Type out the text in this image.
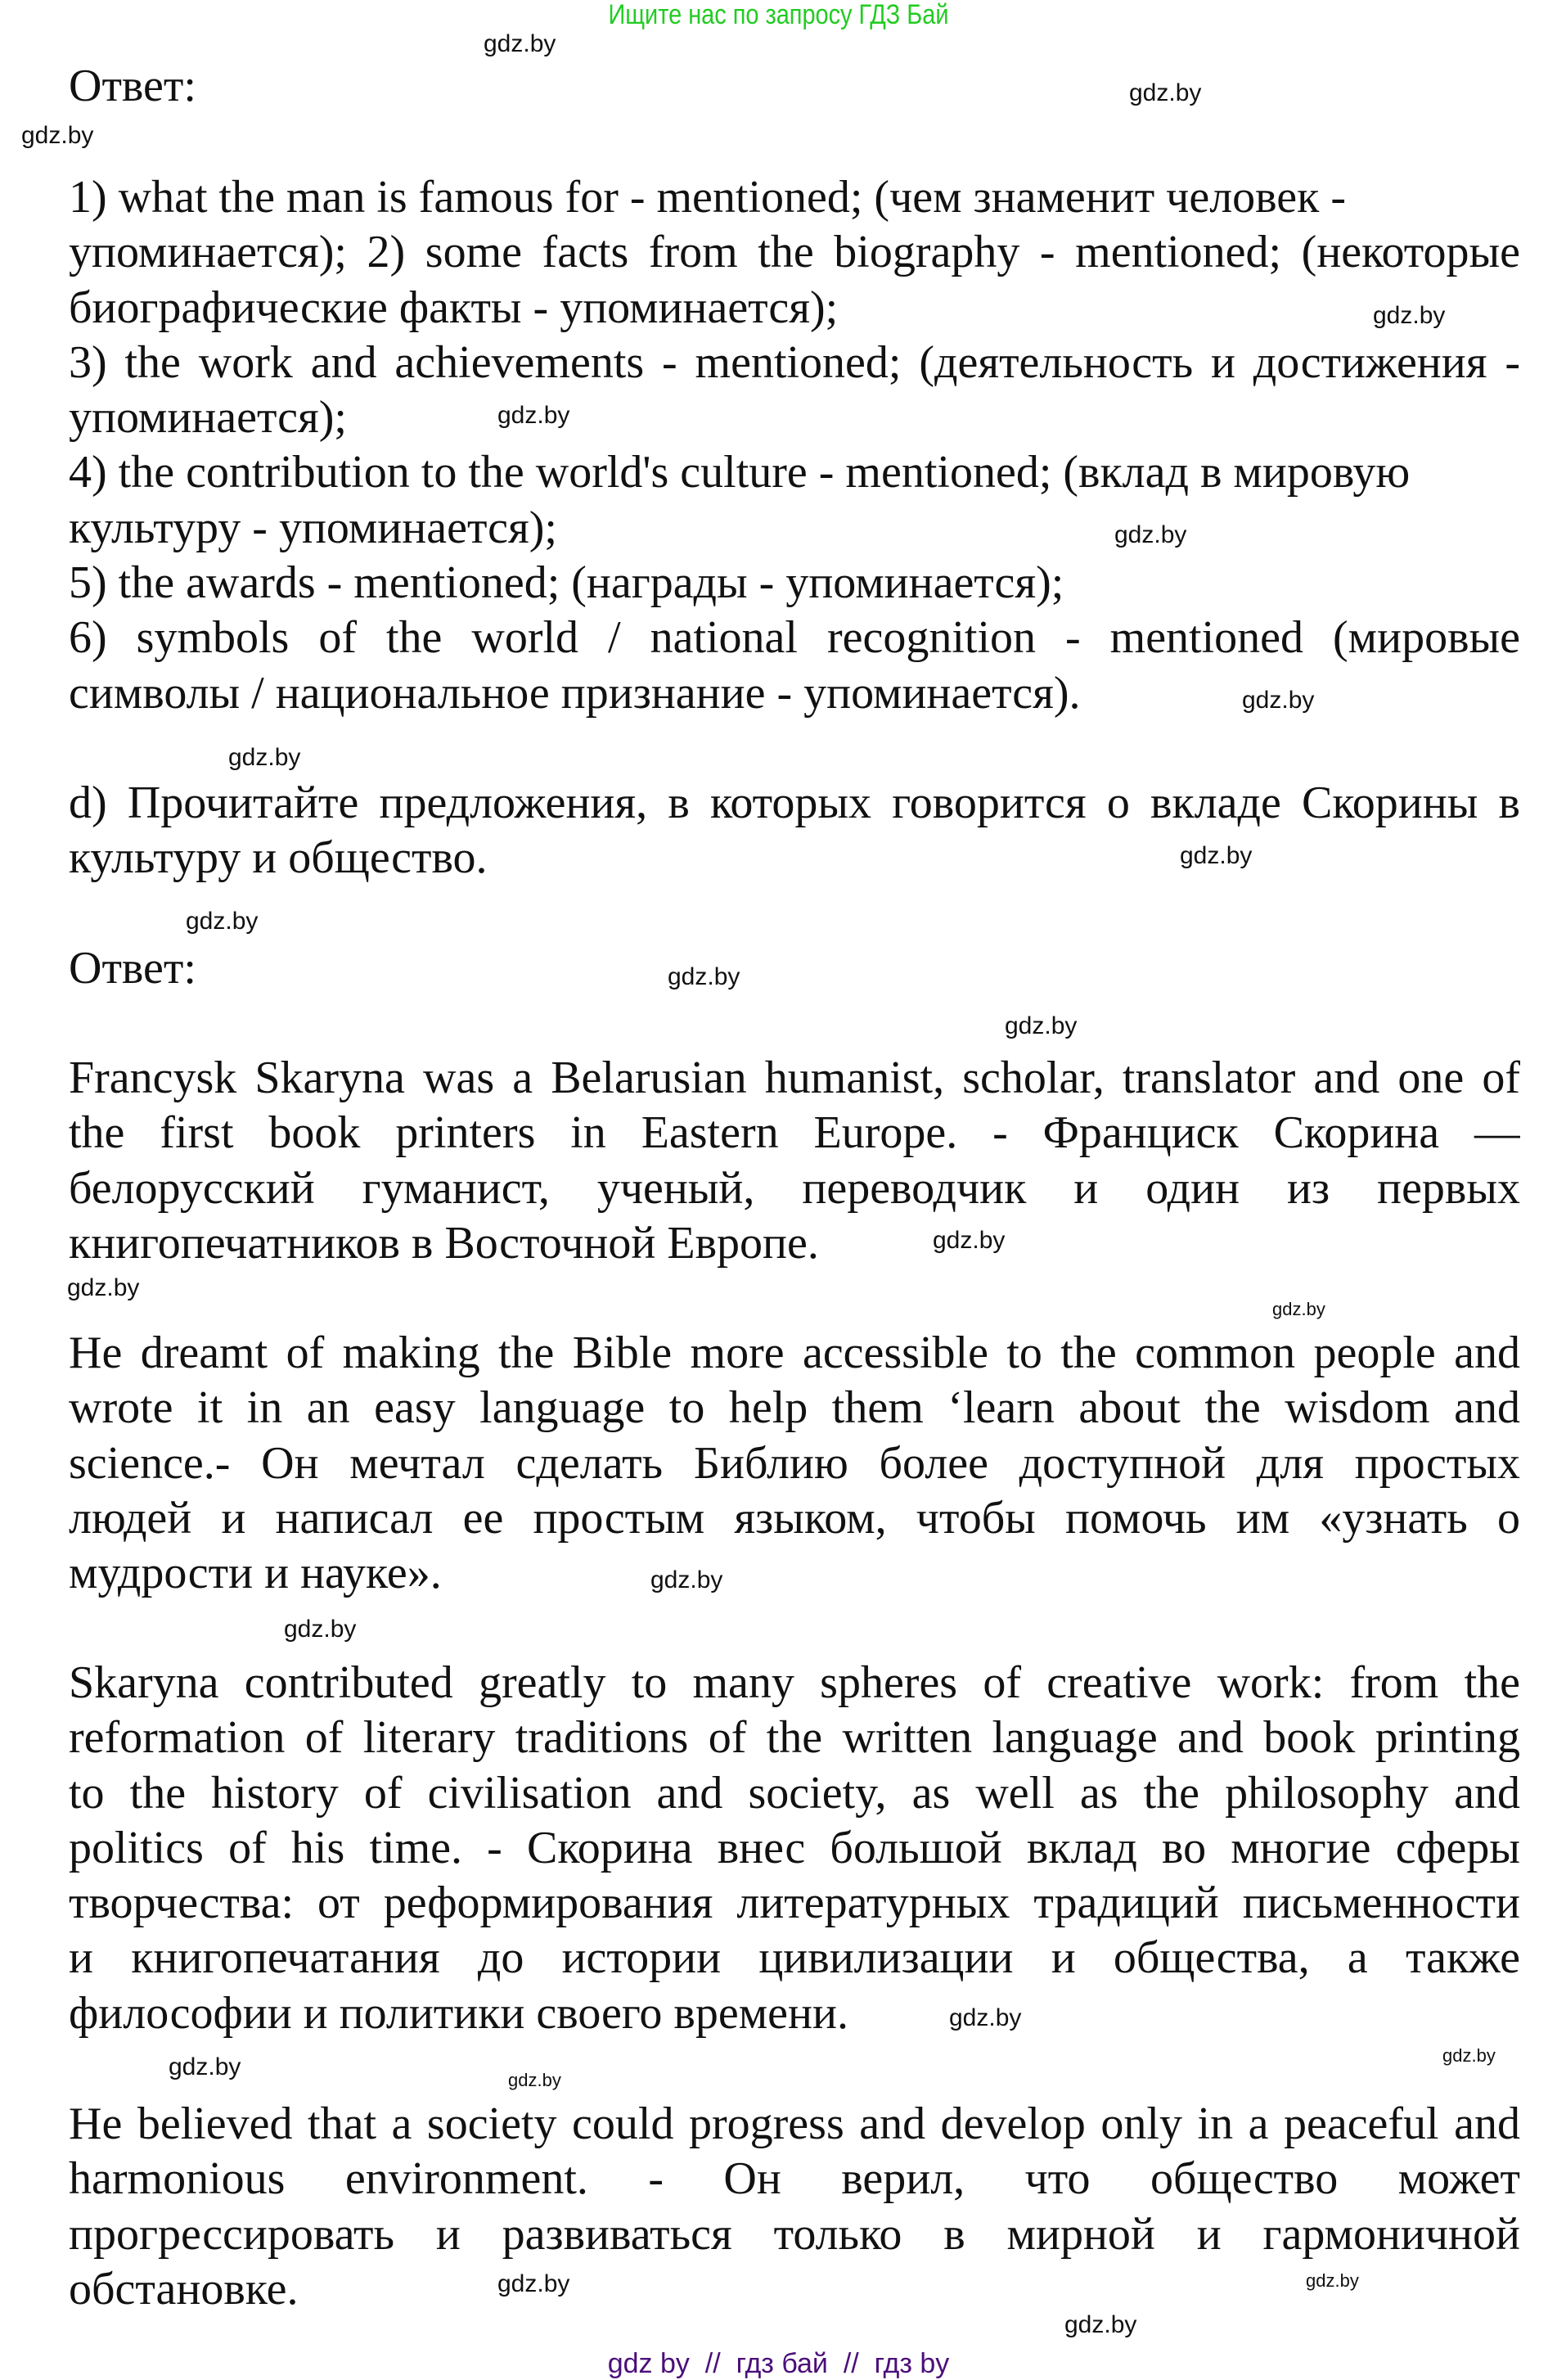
Ищите нас по запросу ГДЗ Бай
Ответ:
1) what the man is famous for - mentioned; (чем знаменит человек -
упоминается); 2) some facts from the biography - mentioned; (некоторые
биографические факты - упоминается);
3) the work and achievements - mentioned; (деятельность и достижения -
упоминается);
4) the contribution to the world's culture - mentioned; (вклад в мировую
культуру - упоминается);
5) the awards - mentioned; (награды - упоминается);
6) symbols of the world / national recognition - mentioned (мировые
символы / национальное признание - упоминается).
d) Прочитайте предложения, в которых говорится о вкладе Скорины в
культуру и общество.
Ответ:
Francysk Skaryna was a Belarusian humanist, scholar, translator and one of
the first book printers in Eastern Europe. - Франциск Скорина —
белорусский гуманист, ученый, переводчик и один из первых
книгопечатников в Восточной Европе.
He dreamt of making the Bible more accessible to the common people and
wrote it in an easy language to help them ‘learn about the wisdom and
science.- Он мечтал сделать Библию более доступной для простых
людей и написал ее простым языком, чтобы помочь им «узнать о
мудрости и науке».
Skaryna contributed greatly to many spheres of creative work: from the
reformation of literary traditions of the written language and book printing
to the history of civilisation and society, as well as the philosophy and
politics of his time. - Скорина внес большой вклад во многие сферы
творчества: от реформирования литературных традиций письменности
и книгопечатания до истории цивилизации и общества, а также
философии и политики своего времени.
He believed that a society could progress and develop only in a peaceful and
harmonious environment. - Он верил, что общество может
прогрессировать и развиваться только в мирной и гармоничной
обстановке.
gdz.by
gdz.by
gdz.by
gdz.by
gdz.by
gdz.by
gdz.by
gdz.by
gdz.by
gdz.by
gdz.by
gdz.by
gdz.by
gdz.by
gdz.by
gdz.by
gdz.by
gdz.by
gdz.by
gdz.by
gdz.by
gdz.by
gdz.by
gdz.by
gdz by  //  гдз бай  //  гдз by
